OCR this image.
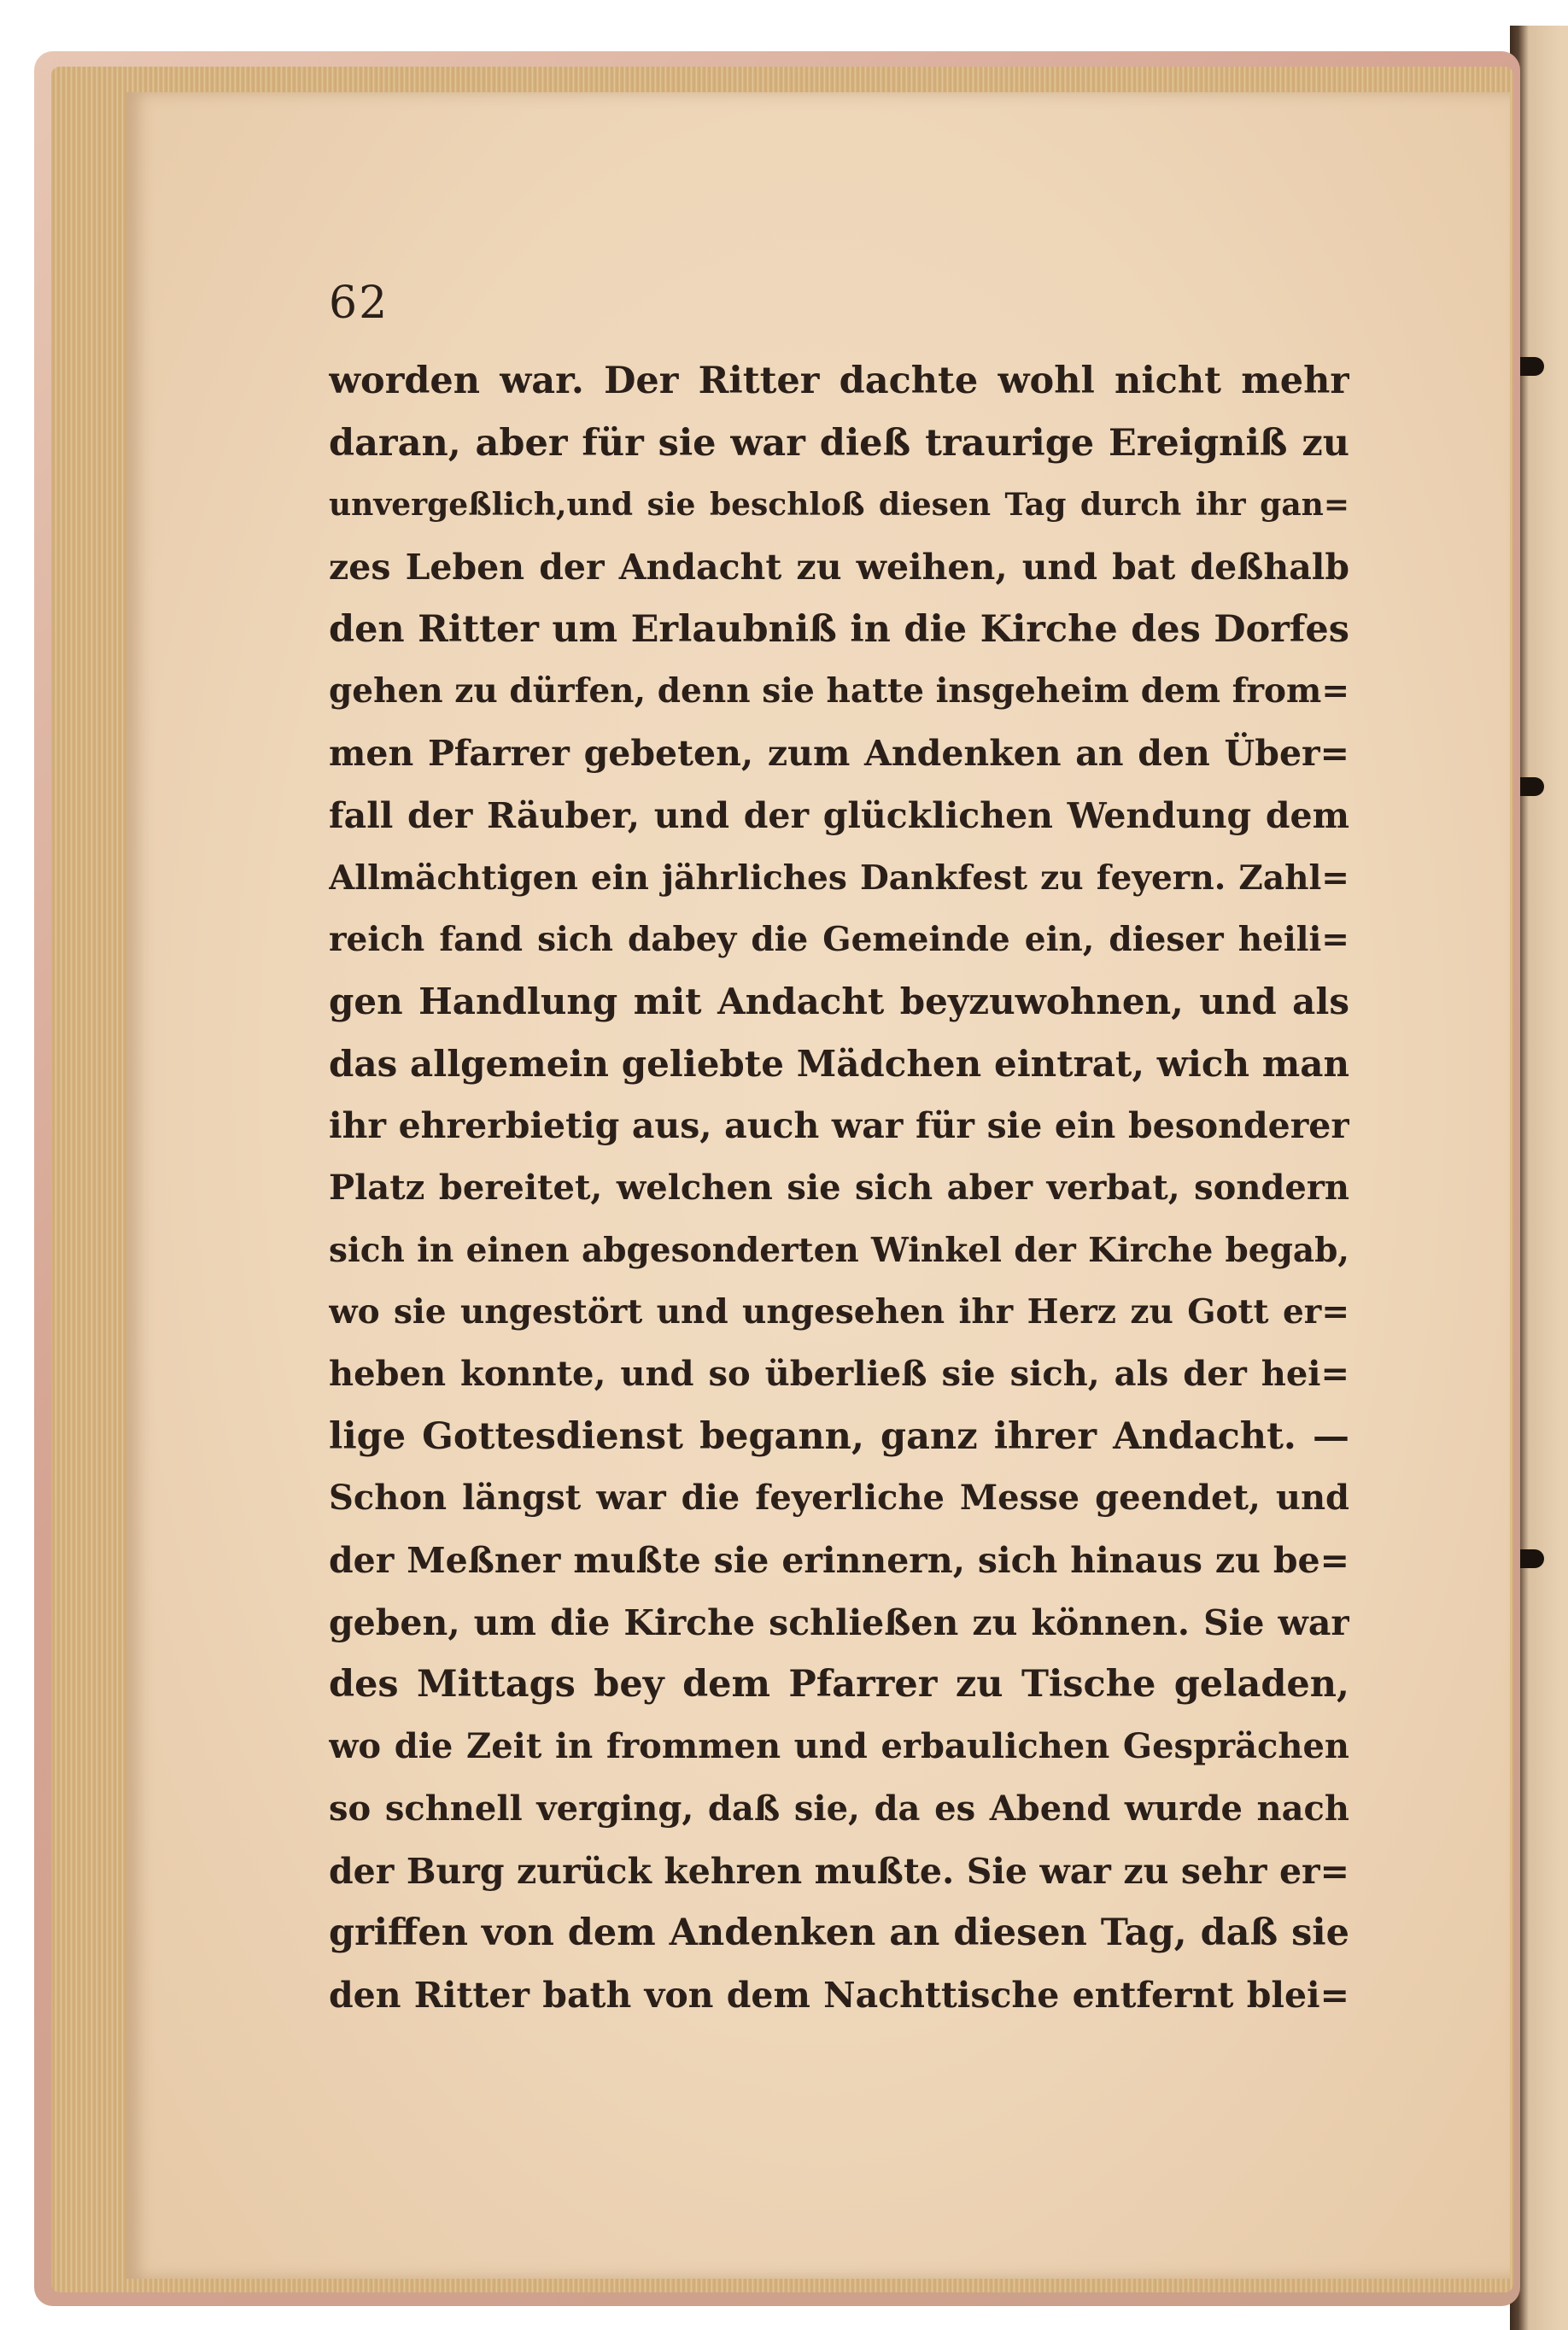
62
worden war. Der Ritter dachte wohl nicht mehr
daran, aber für sie war dieß traurige Ereigniß zu
unvergeßlich,und sie beschloß diesen Tag durch ihr gan=
zes Leben der Andacht zu weihen, und bat deßhalb
den Ritter um Erlaubniß in die Kirche des Dorfes
gehen zu dürfen, denn sie hatte insgeheim dem from=
men Pfarrer gebeten, zum Andenken an den Über=
fall der Räuber, und der glücklichen Wendung dem
Allmächtigen ein jährliches Dankfest zu feyern. Zahl=
reich fand sich dabey die Gemeinde ein, dieser heili=
gen Handlung mit Andacht beyzuwohnen, und als
das allgemein geliebte Mädchen eintrat, wich man
ihr ehrerbietig aus, auch war für sie ein besonderer
Platz bereitet, welchen sie sich aber verbat, sondern
sich in einen abgesonderten Winkel der Kirche begab,
wo sie ungestört und ungesehen ihr Herz zu Gott er=
heben konnte, und so überließ sie sich, als der hei=
lige Gottesdienst begann, ganz ihrer Andacht. —
Schon längst war die feyerliche Messe geendet, und
der Meßner mußte sie erinnern, sich hinaus zu be=
geben, um die Kirche schließen zu können. Sie war
des Mittags bey dem Pfarrer zu Tische geladen,
wo die Zeit in frommen und erbaulichen Gesprächen
so schnell verging, daß sie, da es Abend wurde nach
der Burg zurück kehren mußte. Sie war zu sehr er=
griffen von dem Andenken an diesen Tag, daß sie
den Ritter bath von dem Nachttische entfernt blei=
